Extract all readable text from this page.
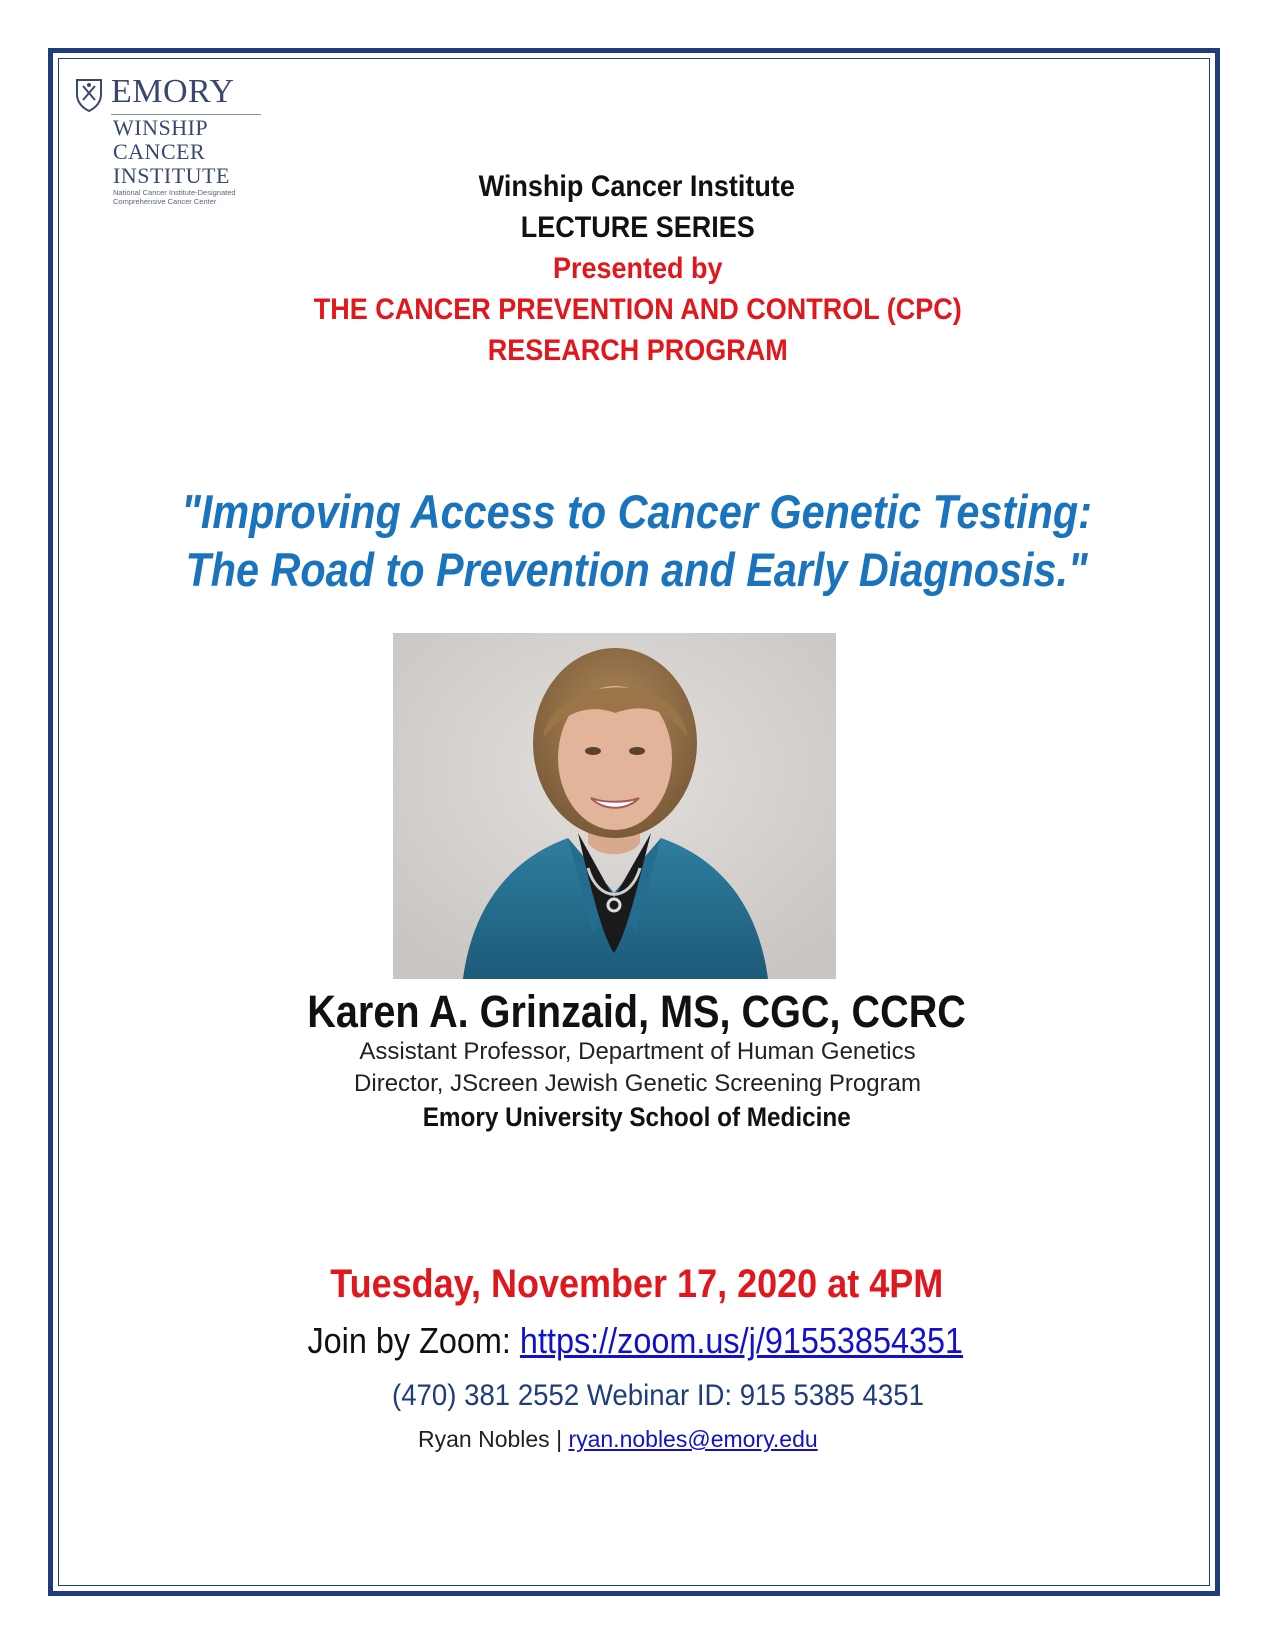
EMORY
WINSHIP
CANCER
INSTITUTE
National Cancer Institute-Designated
Comprehensive Cancer Center	Winship Cancer Institute
LECTURE SERIES
Presented by
THE CANCER PREVENTION AND CONTROL (CPC)
RESEARCH PROGRAM
"Improving Access to Cancer Genetic Testing:
The Road to Prevention and Early Diagnosis."
Karen A. Grinzaid, MS, CGC, CCRC
Assistant Professor, Department of Human Genetics
Director, JScreen Jewish Genetic Screening Program
Emory University School of Medicine
Tuesday, November 17, 2020 at 4PM
Join by Zoom: https://zoom.us/j/91553854351
(470) 381 2552 Webinar ID: 915 5385 4351
Ryan Nobles | ryan.nobles@emory.edu
